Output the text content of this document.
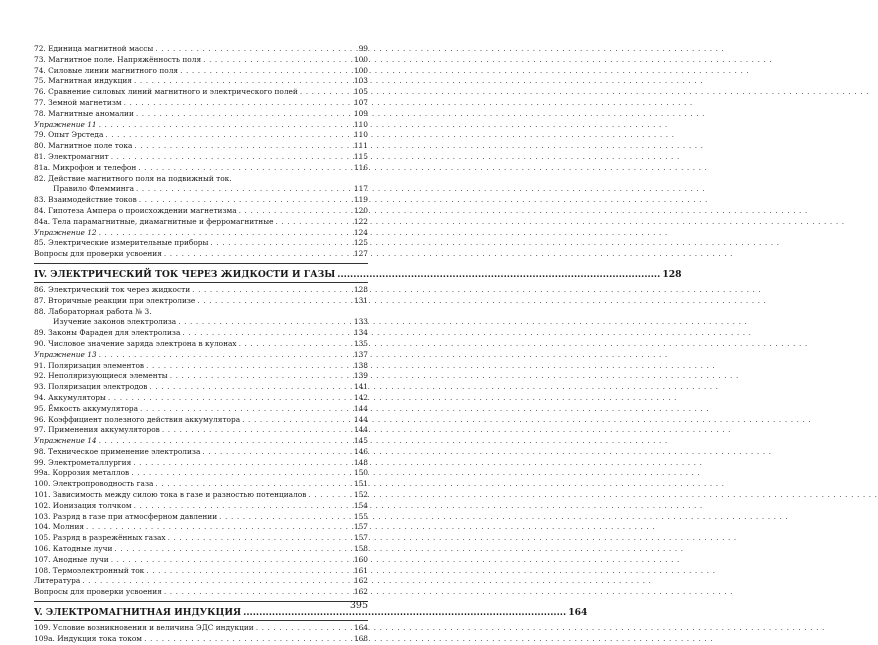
72. Единица магнитной массы . . .	99
73. Магнитное поле. Напряжённость поля . . .	100
74. Силовые линии магнитного поля . . .	100
75. Магнитная индукция . . .	103
76. Сравнение силовых линий магнитного и электрического полей . . .	105
77. Земной магнетизм . . .	107
78. Магнитные аномалии . . .	109
Упражнение 11 . . .	110
79. Опыт Эрстеда . . .	110
80. Магнитное поле тока . . .	111
81. Электромагнит . . .	115
81а. Микрофон и телефон . . .	116
82. Действие магнитного поля на подвижный ток.
Правило Флемминга . . .	117
83. Взаимодействие токов . . .	119
84. Гипотеза Ампера о происхождении магнетизма . . .	120
84а. Тела парамагнитные, диамагнитные и ферромагнитные . . .	122
Упражнение 12 . . .	124
85. Электрические измерительные приборы . . .	125
Вопросы для проверки усвоения . . .	127
IV. ЭЛЕКТРИЧЕСКИЙ ТОК ЧЕРЕЗ ЖИДКОСТИ И ГАЗЫ .....	128
86. Электрический ток через жидкости . . .	128
87. Вторичные реакции при электролизе . . .	131
88. Лабораторная работа № 3.
Изучение законов электролиза . . .	133
89. Законы Фарадея для электролиза . . .	134
90. Числовое значение заряда электрона в кулонах . . .	135
Упражнение 13 . . .	137
91. Поляризация элементов . . .	138
92. Неполяризующиеся элементы . . .	139
93. Поляризация электродов . . .	141
94. Аккумуляторы . . .	142
95. Ёмкость аккумулятора . . .	144
96. Коэффициент полезного действия аккумулятора . . .	144
97. Применения аккумуляторов . . .	144
Упражнение 14 . . .	145
98. Техническое применение электролиза . . .	146
99. Электрометаллургия . . .	148
99а. Коррозия металлов . . .	150
100. Электропроводность газа . . .	151
101. Зависимость между силою тока в газе и разностью потенциалов . . .	152
102. Ионизация толчком . . .	154
103. Разряд в газе при атмосферном давлении . . .	155
104. Молния . . .	157
105. Разряд в разрежённых газах . . .	157
106. Катодные лучи . . .	158
107. Анодные лучи . . .	160
108. Термоэлектронный ток . . .	161
Литература . . .	162
Вопросы для проверки усвоения . . .	162
V. ЭЛЕКТРОМАГНИТНАЯ ИНДУКЦИЯ .....	164
109. Условие возникновения и величина ЭДС индукции . . .	164
109а. Индукция тока током . . .	168
395
